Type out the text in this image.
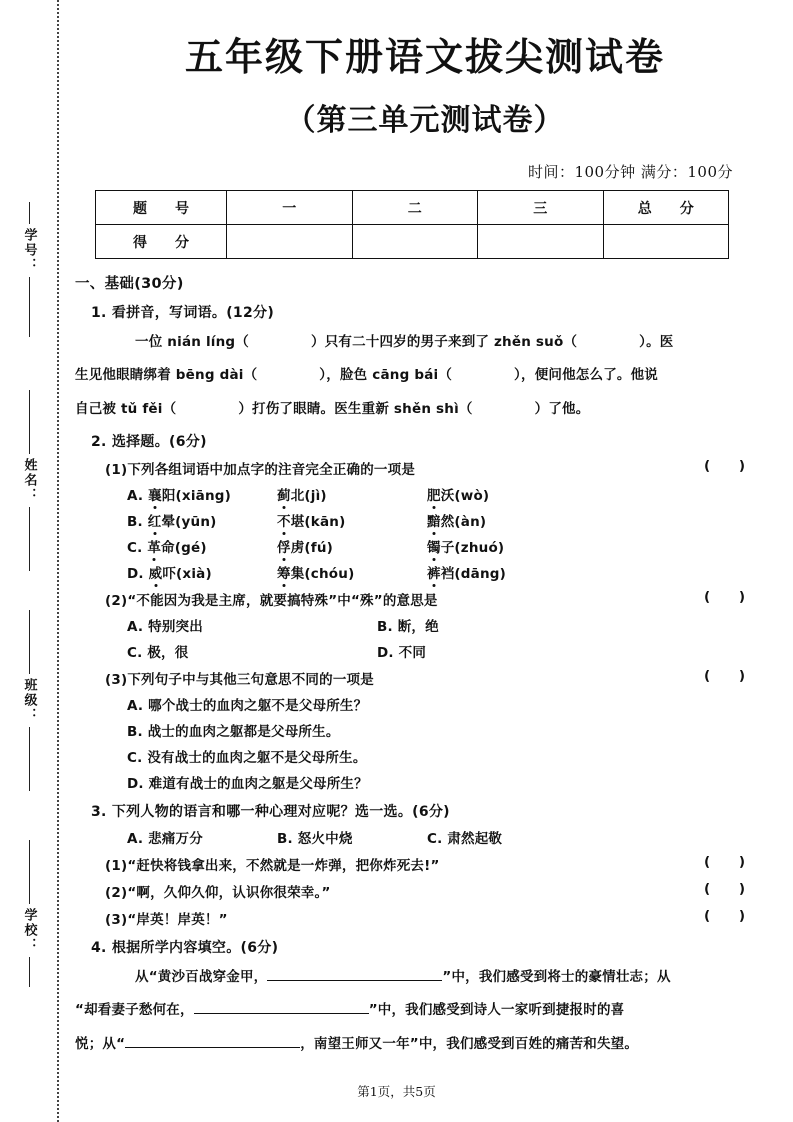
学号：
姓名：
班级：
学校：
五年级下册语文拔尖测试卷
（第三单元测试卷）
时间：100分钟 满分：100分
题　号	一	二	三	总　分
得　分				
一、基础(30分)
1. 看拼音，写词语。(12分)
一位 nián líng（	）只有二十四岁的男子来到了 zhěn suǒ（	）。医
生见他眼睛绑着 bēng dài（	），脸色 cāng bái（	），便问他怎么了。他说
自己被 tǔ fěi（	）打伤了眼睛。医生重新 shěn shì（	）了他。
2. 选择题。(6分)
(1)下列各组词语中加点字的注音完全正确的一项是	( )
A. 襄阳(xiāng)	蓟北(jì)	肥沃(wò)
B. 红晕(yūn)	不堪(kān)	黯然(àn)
C. 革命(gé)	俘虏(fú)	镯子(zhuó)
D. 威吓(xià)	筹集(chóu)	裤裆(dāng)
(2)“不能因为我是主席，就要搞特殊”中“殊”的意思是	( )
A. 特别突出	B. 断，绝
C. 极，很	D. 不同
(3)下列句子中与其他三句意思不同的一项是	( )
A. 哪个战士的血肉之躯不是父母所生？
B. 战士的血肉之躯都是父母所生。
C. 没有战士的血肉之躯不是父母所生。
D. 难道有战士的血肉之躯是父母所生？
3. 下列人物的语言和哪一种心理对应呢？选一选。(6分)
A. 悲痛万分	B. 怒火中烧	C. 肃然起敬
(1)“赶快将钱拿出来，不然就是一炸弹，把你炸死去!”	( )
(2)“啊，久仰久仰，认识你很荣幸。”	( )
(3)“岸英！岸英！”	( )
4. 根据所学内容填空。(6分)
从“黄沙百战穿金甲，	”中，我们感受到将士的豪情壮志；从
“却看妻子愁何在，	”中，我们感受到诗人一家听到捷报时的喜
悦；从“	，南望王师又一年”中，我们感受到百姓的痛苦和失望。
第1页，共5页
